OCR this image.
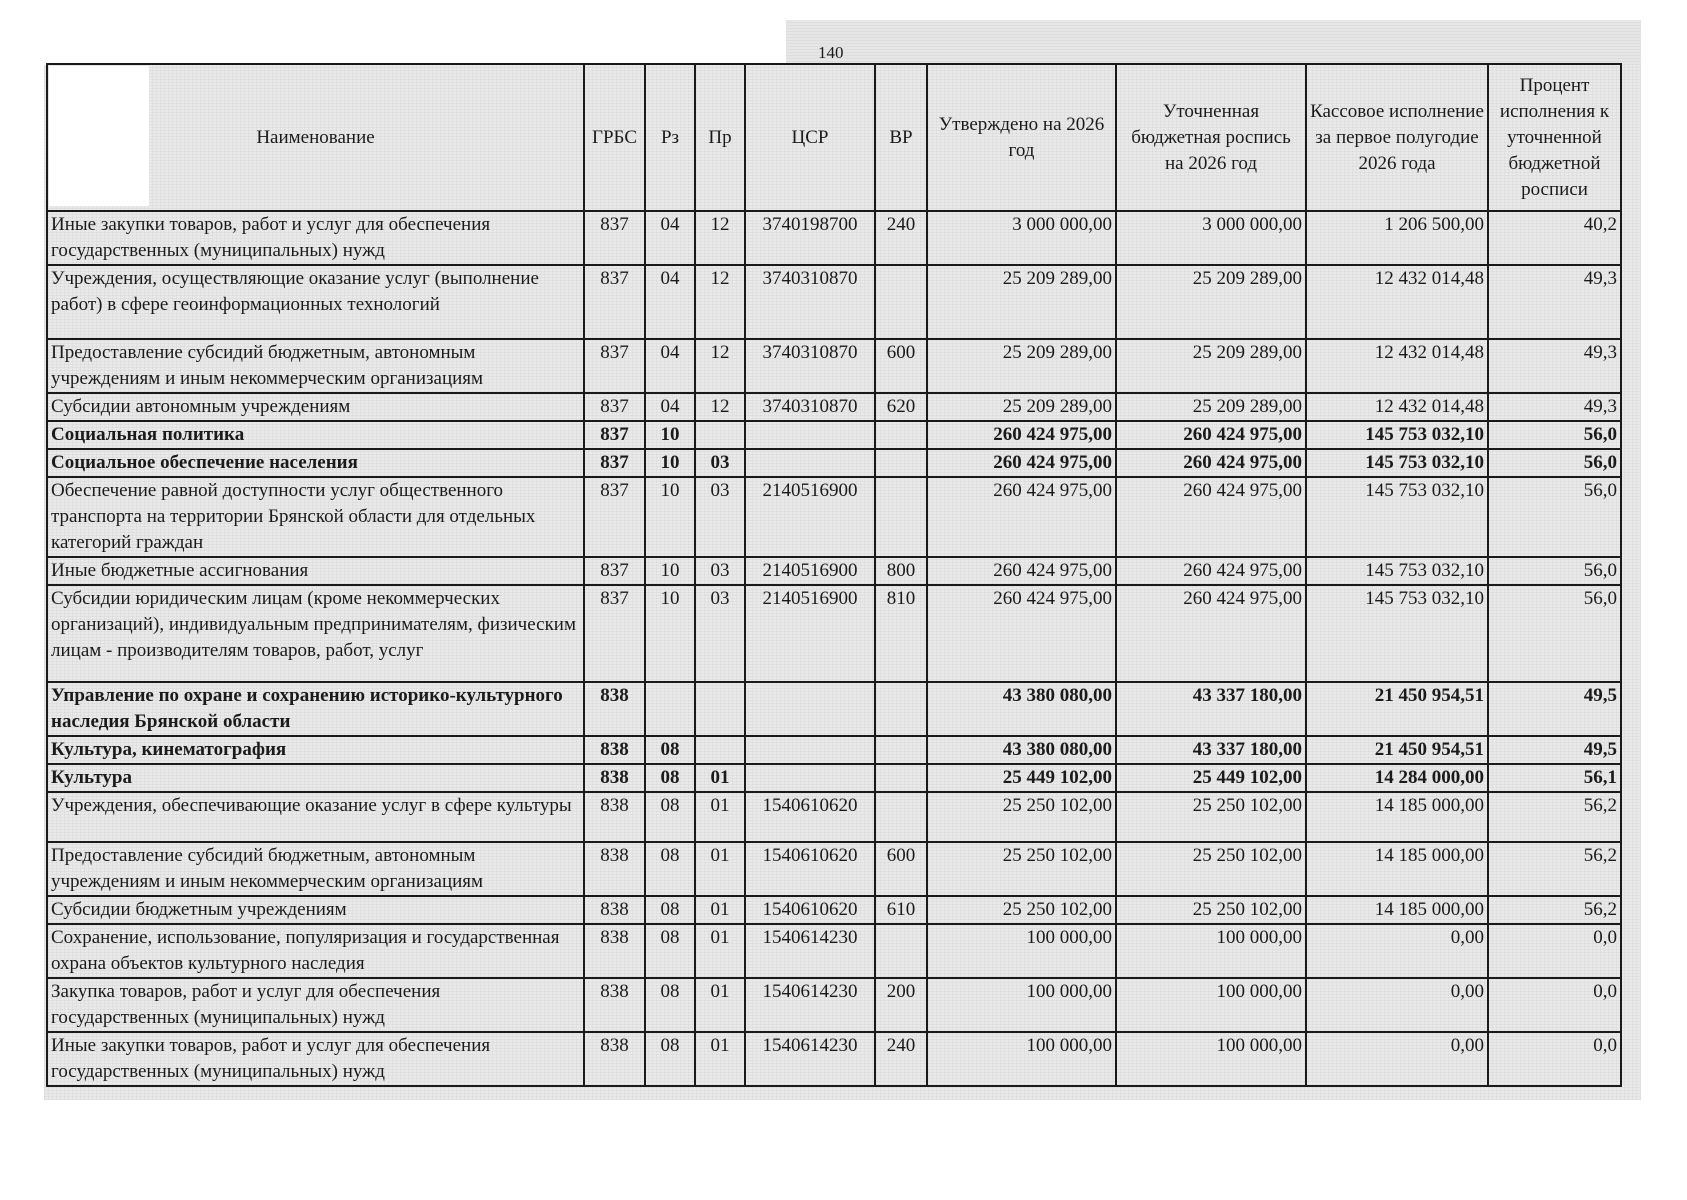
140
Наименование	ГРБС	Рз	Пр	ЦСР	ВР	Утверждено на 2026 год	Уточненная бюджетная роспись на 2026 год	Кассовое исполнение за первое полугодие 2026 года	Процент исполнения к уточненной бюджетной росписи
Иные закупки товаров, работ и услуг для обеспечения государственных (муниципальных) нужд	837	04	12	3740198700	240	3 000 000,00	3 000 000,00	1 206 500,00	40,2
Учреждения, осуществляющие оказание услуг (выполнение работ) в сфере геоинформационных технологий	837	04	12	3740310870		25 209 289,00	25 209 289,00	12 432 014,48	49,3
Предоставление субсидий бюджетным, автономным учреждениям и иным некоммерческим организациям	837	04	12	3740310870	600	25 209 289,00	25 209 289,00	12 432 014,48	49,3
Субсидии автономным учреждениям	837	04	12	3740310870	620	25 209 289,00	25 209 289,00	12 432 014,48	49,3
Социальная политика	837	10				260 424 975,00	260 424 975,00	145 753 032,10	56,0
Социальное обеспечение населения	837	10	03			260 424 975,00	260 424 975,00	145 753 032,10	56,0
Обеспечение равной доступности услуг общественного транспорта на территории Брянской области для отдельных категорий граждан	837	10	03	2140516900		260 424 975,00	260 424 975,00	145 753 032,10	56,0
Иные бюджетные ассигнования	837	10	03	2140516900	800	260 424 975,00	260 424 975,00	145 753 032,10	56,0
Субсидии юридическим лицам (кроме некоммерческих организаций), индивидуальным предпринимателям, физическим лицам - производителям товаров, работ, услуг	837	10	03	2140516900	810	260 424 975,00	260 424 975,00	145 753 032,10	56,0
Управление по охране и сохранению историко-культурного наследия Брянской области	838					43 380 080,00	43 337 180,00	21 450 954,51	49,5
Культура, кинематография	838	08				43 380 080,00	43 337 180,00	21 450 954,51	49,5
Культура	838	08	01			25 449 102,00	25 449 102,00	14 284 000,00	56,1
Учреждения, обеспечивающие оказание услуг в сфере культуры	838	08	01	1540610620		25 250 102,00	25 250 102,00	14 185 000,00	56,2
Предоставление субсидий бюджетным, автономным учреждениям и иным некоммерческим организациям	838	08	01	1540610620	600	25 250 102,00	25 250 102,00	14 185 000,00	56,2
Субсидии бюджетным учреждениям	838	08	01	1540610620	610	25 250 102,00	25 250 102,00	14 185 000,00	56,2
Сохранение, использование, популяризация и государственная охрана объектов культурного наследия	838	08	01	1540614230		100 000,00	100 000,00	0,00	0,0
Закупка товаров, работ и услуг для обеспечения государственных (муниципальных) нужд	838	08	01	1540614230	200	100 000,00	100 000,00	0,00	0,0
Иные закупки товаров, работ и услуг для обеспечения государственных (муниципальных) нужд	838	08	01	1540614230	240	100 000,00	100 000,00	0,00	0,0
